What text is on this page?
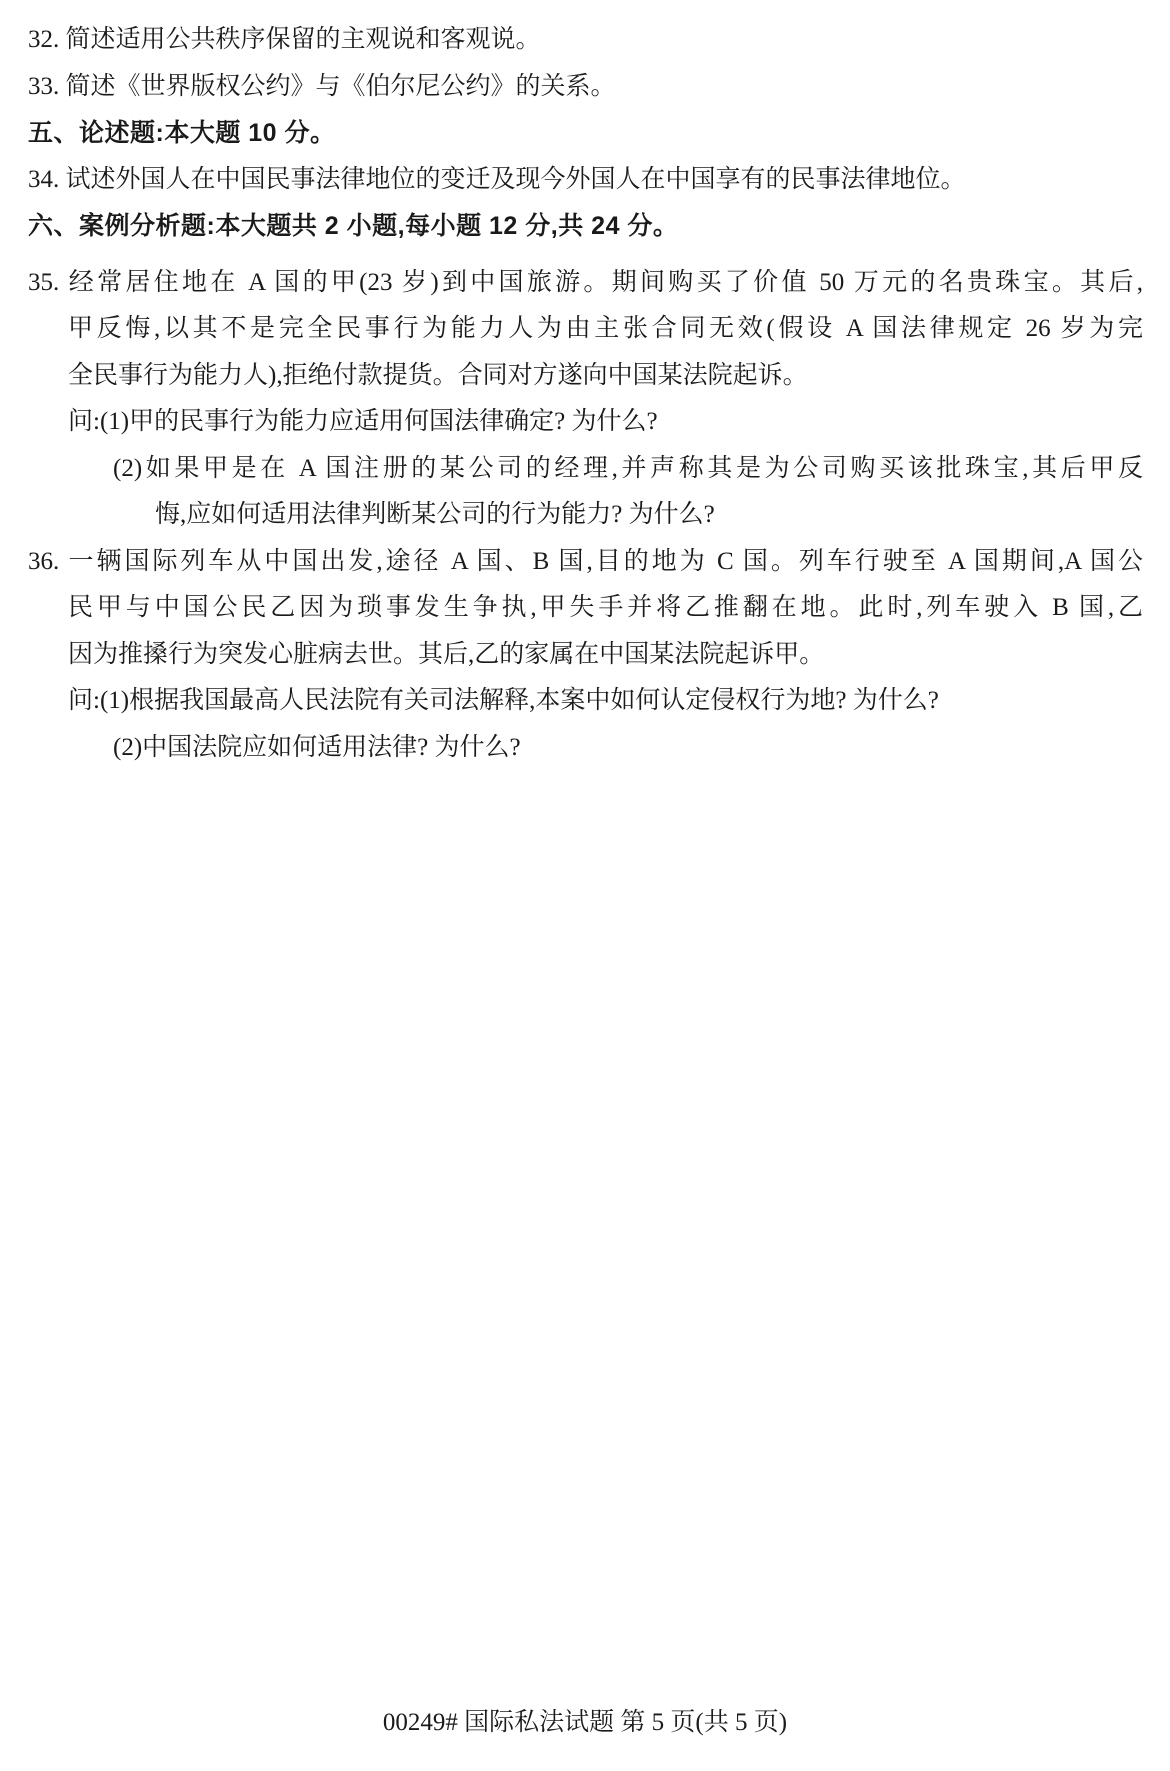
32. 简述适用公共秩序保留的主观说和客观说。
33. 简述《世界版权公约》与《伯尔尼公约》的关系。
五、论述题:本大题 10 分。
34. 试述外国人在中国民事法律地位的变迁及现今外国人在中国享有的民事法律地位。
六、案例分析题:本大题共 2 小题,每小题 12 分,共 24 分。
35. 经常居住地在 A 国的甲(23 岁)到中国旅游。期间购买了价值 50 万元的名贵珠宝。其后,
甲反悔,以其不是完全民事行为能力人为由主张合同无效(假设 A 国法律规定 26 岁为完
全民事行为能力人),拒绝付款提货。合同对方遂向中国某法院起诉。
问:(1)甲的民事行为能力应适用何国法律确定? 为什么?
(2)如果甲是在 A 国注册的某公司的经理,并声称其是为公司购买该批珠宝,其后甲反
悔,应如何适用法律判断某公司的行为能力? 为什么?
36. 一辆国际列车从中国出发,途径 A 国、B 国,目的地为 C 国。列车行驶至 A 国期间,A 国公
民甲与中国公民乙因为琐事发生争执,甲失手并将乙推翻在地。此时,列车驶入 B 国,乙
因为推搡行为突发心脏病去世。其后,乙的家属在中国某法院起诉甲。
问:(1)根据我国最高人民法院有关司法解释,本案中如何认定侵权行为地? 为什么?
(2)中国法院应如何适用法律? 为什么?
00249# 国际私法试题 第 5 页(共 5 页)
